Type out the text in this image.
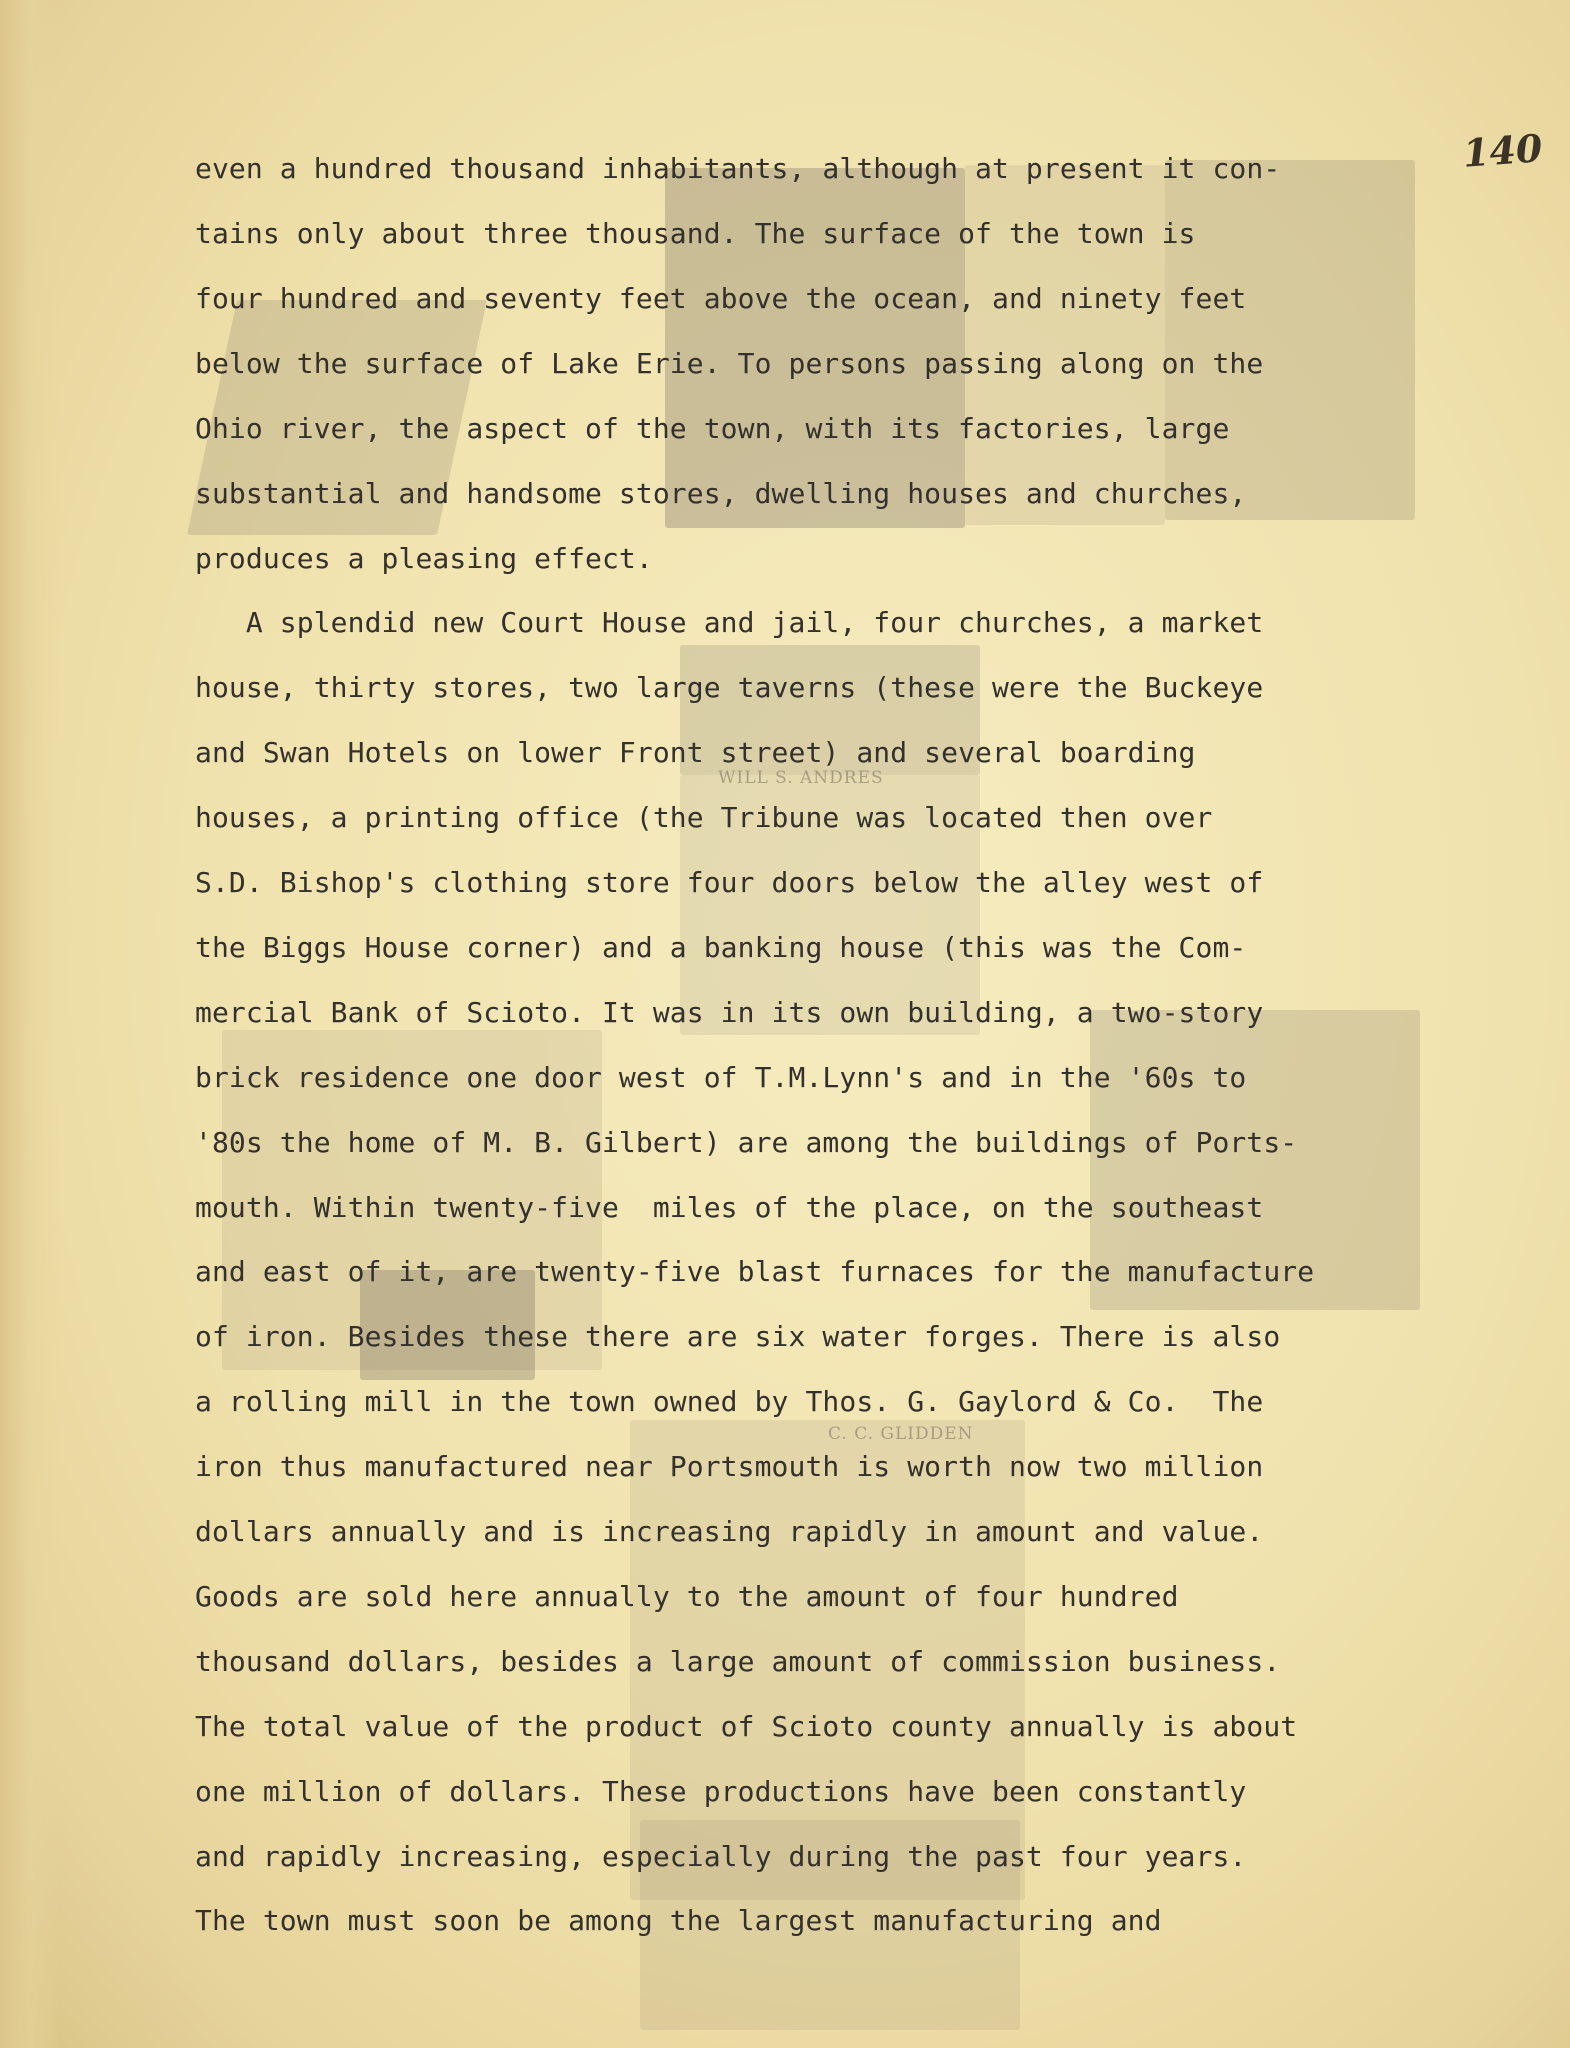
WILL S. ANDRES
C. C. GLIDDEN
140
even a hundred thousand inhabitants, although at present it con-
tains only about three thousand. The surface of the town is
four hundred and seventy feet above the ocean, and ninety feet
below the surface of Lake Erie. To persons passing along on the
Ohio river, the aspect of the town, with its factories, large
substantial and handsome stores, dwelling houses and churches,
produces a pleasing effect.
A splendid new Court House and jail, four churches, a market
house, thirty stores, two large taverns (these were the Buckeye
and Swan Hotels on lower Front street) and several boarding
houses, a printing office (the Tribune was located then over
S.D. Bishop's clothing store four doors below the alley west of
the Biggs House corner) and a banking house (this was the Com-
mercial Bank of Scioto. It was in its own building, a two-story
brick residence one door west of T.M.Lynn's and in the '60s to
'80s the home of M. B. Gilbert) are among the buildings of Ports-
mouth. Within twenty-five  miles of the place, on the southeast
and east of it, are twenty-five blast furnaces for the manufacture
of iron. Besides these there are six water forges. There is also
a rolling mill in the town owned by Thos. G. Gaylord & Co.  The
iron thus manufactured near Portsmouth is worth now two million
dollars annually and is increasing rapidly in amount and value.
Goods are sold here annually to the amount of four hundred
thousand dollars, besides a large amount of commission business.
The total value of the product of Scioto county annually is about
one million of dollars. These productions have been constantly
and rapidly increasing, especially during the past four years.
The town must soon be among the largest manufacturing and
